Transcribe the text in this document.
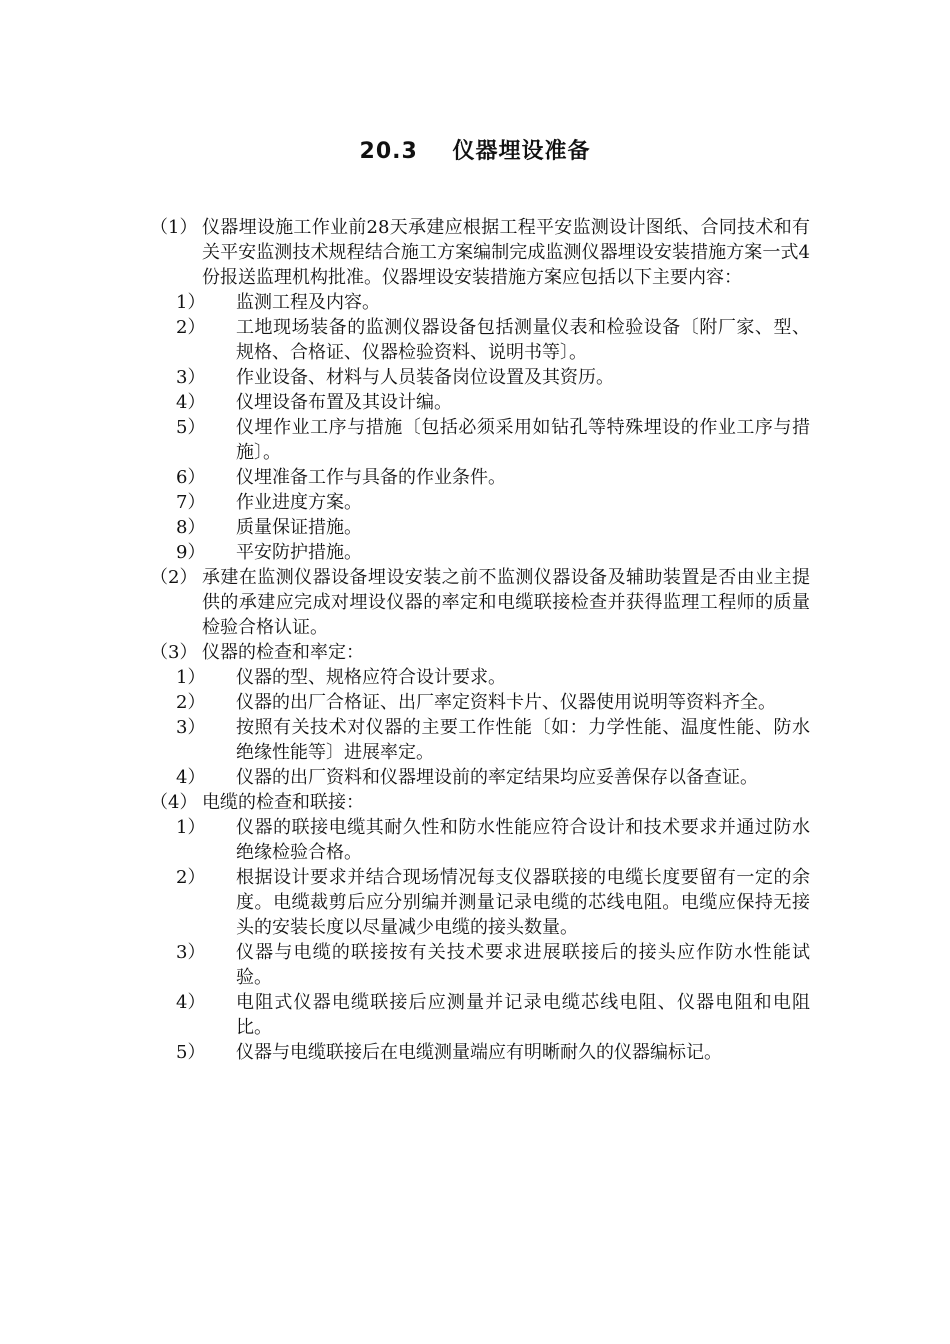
20.3    仪器埋设准备
（1） 仪器埋设施工作业前28天承建应根据工程平安监测设计图纸、合同技术和有关平安监测技术规程结合施工方案编制完成监测仪器埋设安装措施方案一式4份报送监理机构批准。仪器埋设安装措施方案应包括以下主要内容：
1）	监测工程及内容。
2）	工地现场装备的监测仪器设备包括测量仪表和检验设备〔附厂家、型、规格、合格证、仪器检验资料、说明书等〕。
3）	作业设备、材料与人员装备岗位设置及其资历。
4）	仪埋设备布置及其设计编。
5）	仪埋作业工序与措施〔包括必须采用如钻孔等特殊埋设的作业工序与措施〕。
6）	仪埋准备工作与具备的作业条件。
7）	作业进度方案。
8）	质量保证措施。
9）	平安防护措施。
（2） 承建在监测仪器设备埋设安装之前不监测仪器设备及辅助装置是否由业主提供的承建应完成对埋设仪器的率定和电缆联接检查并获得监理工程师的质量检验合格认证。
（3） 仪器的检查和率定：
1）	仪器的型、规格应符合设计要求。
2）	仪器的出厂合格证、出厂率定资料卡片、仪器使用说明等资料齐全。
3）	按照有关技术对仪器的主要工作性能〔如：力学性能、温度性能、防水绝缘性能等〕进展率定。
4）	仪器的出厂资料和仪器埋设前的率定结果均应妥善保存以备查证。
（4） 电缆的检查和联接：
1）	仪器的联接电缆其耐久性和防水性能应符合设计和技术要求并通过防水绝缘检验合格。
2）	根据设计要求并结合现场情况每支仪器联接的电缆长度要留有一定的余度。电缆裁剪后应分别编并测量记录电缆的芯线电阻。电缆应保持无接头的安装长度以尽量减少电缆的接头数量。
3）	仪器与电缆的联接按有关技术要求进展联接后的接头应作防水性能试验。
4）	电阻式仪器电缆联接后应测量并记录电缆芯线电阻、仪器电阻和电阻比。
5）	仪器与电缆联接后在电缆测量端应有明晰耐久的仪器编标记。
